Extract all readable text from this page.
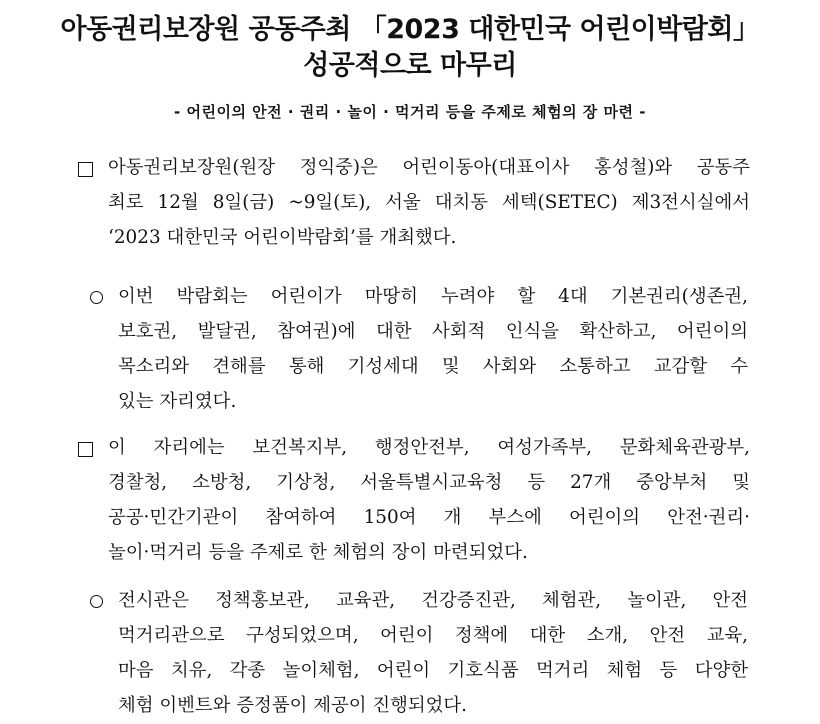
아동권리보장원 공동주최 「2023 대한민국 어린이박람회」
성공적으로 마무리
- 어린이의 안전 · 권리 · 놀이 · 먹거리 등을 주제로 체험의 장 마련 -
아동권리보장원(원장 정익중)은 어린이동아(대표이사 홍성철)와 공동주
최로 12월 8일(금) ~9일(토), 서울 대치동 세텍(SETEC) 제3전시실에서
‘2023 대한민국 어린이박람회’를 개최했다.
이번 박람회는 어린이가 마땅히 누려야 할 4대 기본권리(생존권,
보호권, 발달권, 참여권)에 대한 사회적 인식을 확산하고, 어린이의
목소리와 견해를 통해 기성세대 및 사회와 소통하고 교감할 수
있는 자리였다.
이 자리에는 보건복지부, 행정안전부, 여성가족부, 문화체육관광부,
경찰청, 소방청, 기상청, 서울특별시교육청 등 27개 중앙부처 및
공공·민간기관이 참여하여 150여 개 부스에 어린이의 안전·권리·
놀이·먹거리 등을 주제로 한 체험의 장이 마련되었다.
전시관은 정책홍보관, 교육관, 건강증진관, 체험관, 놀이관, 안전
먹거리관으로 구성되었으며, 어린이 정책에 대한 소개, 안전 교육,
마음 치유, 각종 놀이체험, 어린이 기호식품 먹거리 체험 등 다양한
체험 이벤트와 증정품이 제공이 진행되었다.
